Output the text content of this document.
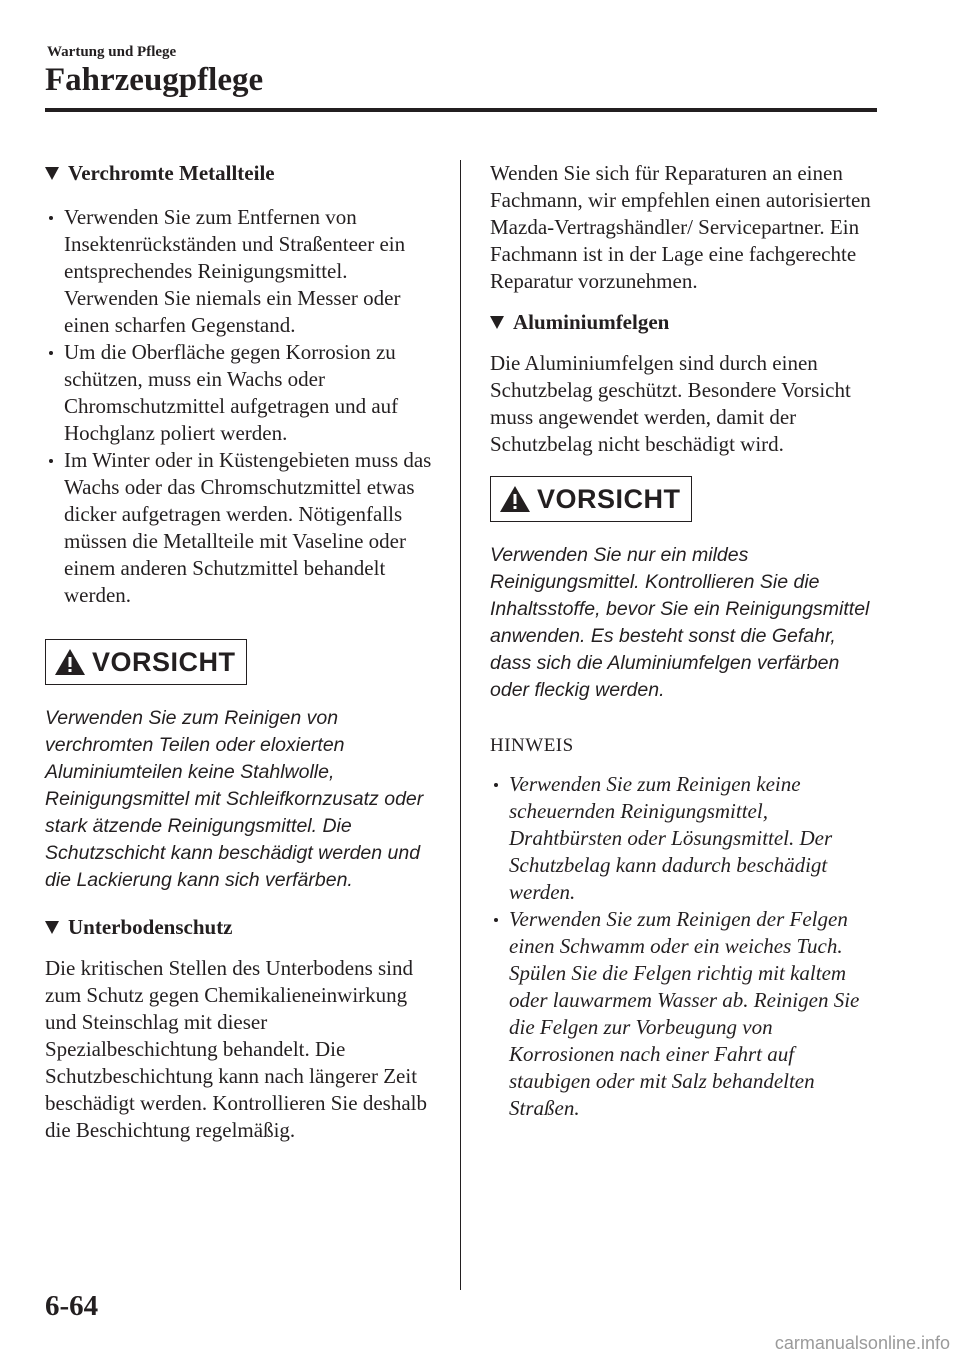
Wartung und Pflege
Fahrzeugpflege
Verchromte Metallteile
Verwenden Sie zum Entfernen von Insektenrückständen und Straßenteer ein entsprechendes Reinigungsmittel. Verwenden Sie niemals ein Messer oder einen scharfen Gegenstand.
Um die Oberfläche gegen Korrosion zu schützen, muss ein Wachs oder Chromschutzmittel aufgetragen und auf Hochglanz poliert werden.
Im Winter oder in Küstengebieten muss das Wachs oder das Chromschutzmittel etwas dicker aufgetragen werden. Nötigenfalls müssen die Metallteile mit Vaseline oder einem anderen Schutzmittel behandelt werden.
VORSICHT

Verwenden Sie zum Reinigen von verchromten Teilen oder eloxierten Aluminiumteilen keine Stahlwolle, Reinigungsmittel mit Schleifkornzusatz oder stark ätzende Reinigungsmittel. Die Schutzschicht kann beschädigt werden und die Lackierung kann sich verfärben.

Unterbodenschutz

Die kritischen Stellen des Unterbodens sind zum Schutz gegen Chemikalieneinwirkung und Steinschlag mit dieser Spezialbeschichtung behandelt. Die Schutzbeschichtung kann nach längerer Zeit beschädigt werden. Kontrollieren Sie deshalb die Beschichtung regelmäßig.

Wenden Sie sich für Reparaturen an einen Fachmann, wir empfehlen einen autorisierten Mazda-Vertragshändler/ Servicepartner. Ein Fachmann ist in der Lage eine fachgerechte Reparatur vorzunehmen.

Aluminiumfelgen

Die Aluminiumfelgen sind durch einen Schutzbelag geschützt. Besondere Vorsicht muss angewendet werden, damit der Schutzbelag nicht beschädigt wird.

VORSICHT

Verwenden Sie nur ein mildes Reinigungsmittel. Kontrollieren Sie die Inhaltsstoffe, bevor Sie ein Reinigungsmittel anwenden. Es besteht sonst die Gefahr, dass sich die Aluminiumfelgen verfärben oder fleckig werden.

HINWEIS

Verwenden Sie zum Reinigen keine scheuernden Reinigungsmittel, Drahtbürsten oder Lösungsmittel. Der Schutzbelag kann dadurch beschädigt werden.
Verwenden Sie zum Reinigen der Felgen einen Schwamm oder ein weiches Tuch. Spülen Sie die Felgen richtig mit kaltem oder lauwarmem Wasser ab. Reinigen Sie die Felgen zur Vorbeugung von Korrosionen nach einer Fahrt auf staubigen oder mit Salz behandelten Straßen.
6-64
carmanualsonline.info
